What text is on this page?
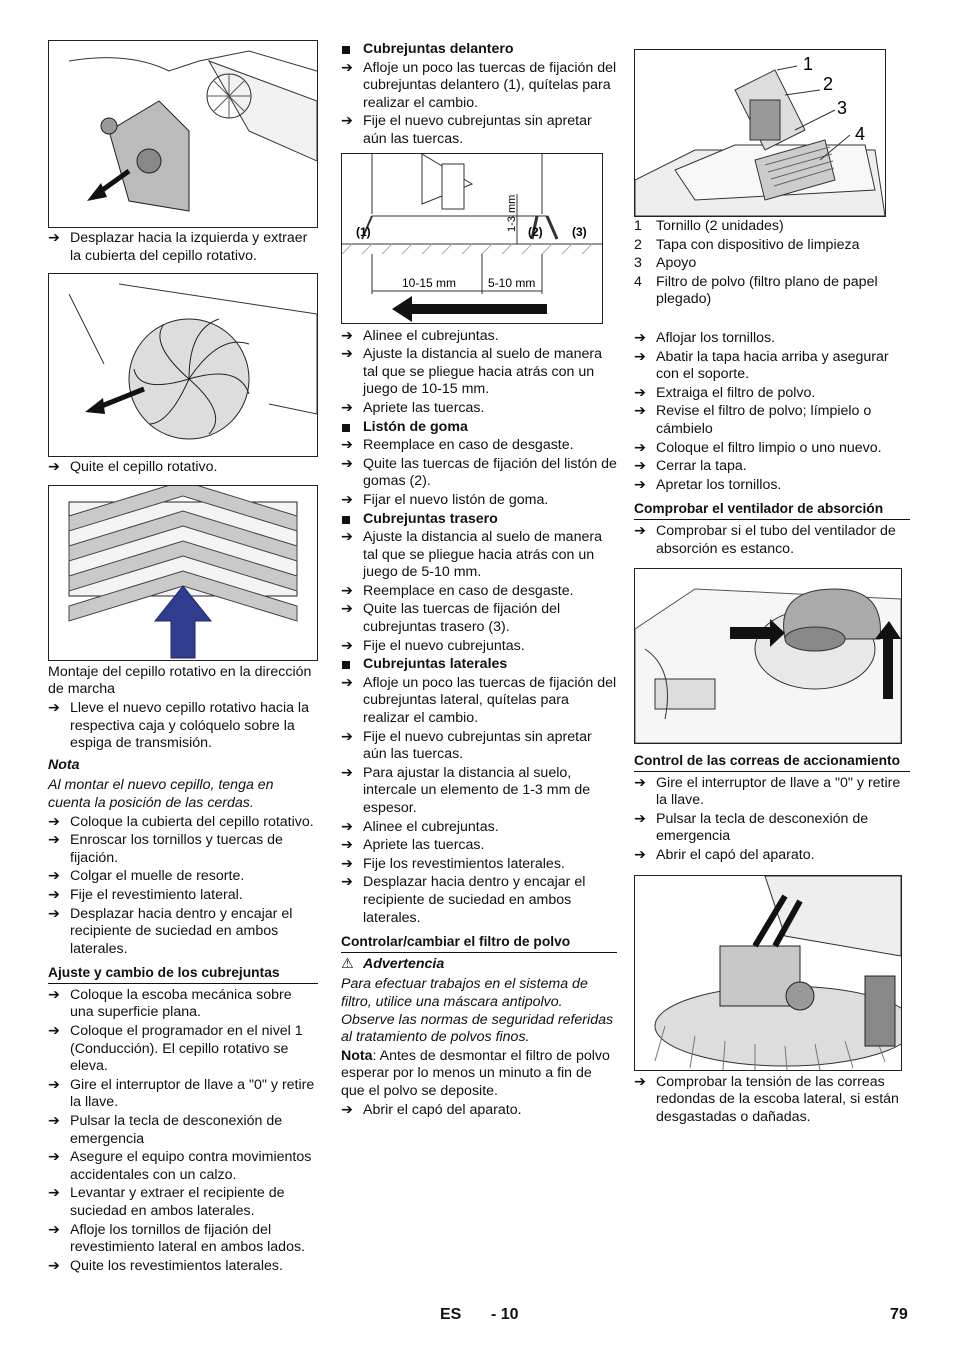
➔ Desplazar hacia la izquierda y extraer la cubierta del cepillo rotativo.
➔ Quite el cepillo rotativo.
Montaje del cepillo rotativo en la dirección de marcha
➔ Lleve el nuevo cepillo rotativo hacia la respectiva caja y colóquelo sobre la espiga de transmisión.
Nota
Al montar el nuevo cepillo, tenga en cuenta la posición de las cerdas.
➔ Coloque la cubierta del cepillo rotativo.
➔ Enroscar los tornillos y tuercas de fijación.
➔ Colgar el muelle de resorte.
➔ Fije el revestimiento lateral.
➔ Desplazar hacia dentro y encajar el recipiente de suciedad en ambos laterales.
Ajuste y cambio de los cubrejuntas
➔ Coloque la escoba mecánica sobre una superficie plana.
➔ Coloque el programador en el nivel 1 (Conducción). El cepillo rotativo se eleva.
➔ Gire el interruptor de llave a "0" y retire la llave.
➔ Pulsar la tecla de desconexión de emergencia
➔ Asegure el equipo contra movimientos accidentales con un calzo.
➔ Levantar y extraer el recipiente de suciedad en ambos laterales.
➔ Afloje los tornillos de fijación del revestimiento lateral en ambos lados.
➔ Quite los revestimientos laterales.
Cubrejuntas delantero
➔ Afloje un poco las tuercas de fijación del cubrejuntas delantero (1), quítelas para realizar el cambio.
➔ Fije el nuevo cubrejuntas sin apretar aún las tuercas.
(1)	(2) (3)
1-3 mm
10-15 mm	5-10 mm
➔ Alinee el cubrejuntas.
➔ Ajuste la distancia al suelo de manera tal que se pliegue hacia atrás con un juego de 10-15 mm.
➔ Apriete las tuercas.
Listón de goma
➔ Reemplace en caso de desgaste.
➔ Quite las tuercas de fijación del listón de gomas (2).
➔ Fijar el nuevo listón de goma.
Cubrejuntas trasero
➔ Ajuste la distancia al suelo de manera tal que se pliegue hacia atrás con un juego de 5-10 mm.
➔ Reemplace en caso de desgaste.
➔ Quite las tuercas de fijación del cubrejuntas trasero (3).
➔ Fije el nuevo cubrejuntas.
Cubrejuntas laterales
➔ Afloje un poco las tuercas de fijación del cubrejuntas lateral, quítelas para realizar el cambio.
➔ Fije el nuevo cubrejuntas sin apretar aún las tuercas.
➔ Para ajustar la distancia al suelo, intercale un elemento de 1-3 mm de espesor.
➔ Alinee el cubrejuntas.
➔ Apriete las tuercas.
➔ Fije los revestimientos laterales.
➔ Desplazar hacia dentro y encajar el recipiente de suciedad en ambos laterales.
Controlar/cambiar el filtro de polvo
⚠ Advertencia
Para efectuar trabajos en el sistema de filtro, utilice una máscara antipolvo. Observe las normas de seguridad referidas al tratamiento de polvos finos.
Nota: Antes de desmontar el filtro de polvo esperar por lo menos un minuto a fin de que el polvo se deposite.
➔ Abrir el capó del aparato.
1
2
3
4
1 Tornillo (2 unidades)
2 Tapa con dispositivo de limpieza
3 Apoyo
4 Filtro de polvo (filtro plano de papel plegado)
➔ Aflojar los tornillos.
➔ Abatir la tapa hacia arriba y asegurar con el soporte.
➔ Extraiga el filtro de polvo.
➔ Revise el filtro de polvo; límpielo o cámbielo
➔ Coloque el filtro limpio o uno nuevo.
➔ Cerrar la tapa.
➔ Apretar los tornillos.
Comprobar el ventilador de absorción
➔ Comprobar si el tubo del ventilador de absorción es estanco.
Control de las correas de accionamiento
➔ Gire el interruptor de llave a "0" y retire la llave.
➔ Pulsar la tecla de desconexión de emergencia
➔ Abrir el capó del aparato.
➔ Comprobar la tensión de las correas redondas de la escoba lateral, si están desgastadas o dañadas.
ES - 10	79
